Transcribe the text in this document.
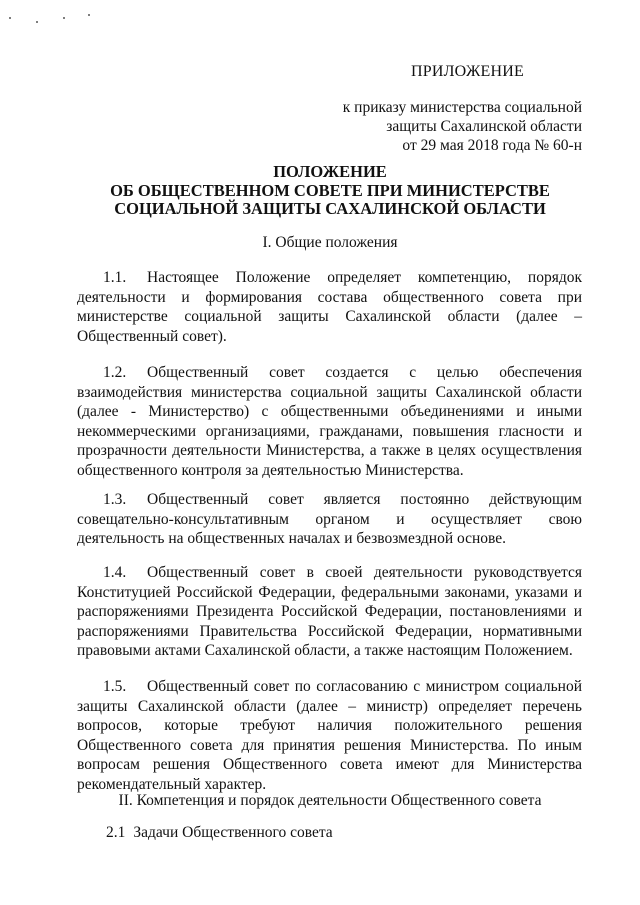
ПРИЛОЖЕНИЕ
к приказу министерства социальной
защиты Сахалинской области
от 29 мая 2018 года № 60-н
ПОЛОЖЕНИЕ
ОБ ОБЩЕСТВЕННОМ СОВЕТЕ ПРИ МИНИСТЕРСТВЕ
СОЦИАЛЬНОЙ ЗАЩИТЫ САХАЛИНСКОЙ ОБЛАСТИ
I. Общие положения
1.1. Настоящее Положение определяет компетенцию, порядок деятельности и формирования состава общественного совета при министерстве социальной защиты Сахалинской области (далее – Общественный совет).
1.2. Общественный совет создается с целью обеспечения взаимодействия министерства социальной защиты Сахалинской области (далее - Министерство) с общественными объединениями и иными некоммерческими организациями, гражданами, повышения гласности и прозрачности деятельности Министерства, а также в целях осуществления общественного контроля за деятельностью Министерства.
1.3. Общественный совет является постоянно действующим совещательно-консультативным органом и осуществляет свою деятельность на общественных началах и безвозмездной основе.
1.4. Общественный совет в своей деятельности руководствуется Конституцией Российской Федерации, федеральными законами, указами и распоряжениями Президента Российской Федерации, постановлениями и распоряжениями Правительства Российской Федерации, нормативными правовыми актами Сахалинской области, а также настоящим Положением.
1.5. Общественный совет по согласованию с министром социальной защиты Сахалинской области (далее – министр) определяет перечень вопросов, которые требуют наличия положительного решения Общественного совета для принятия решения Министерства. По иным вопросам решения Общественного совета имеют для Министерства рекомендательный характер.
II. Компетенция и порядок деятельности Общественного совета
2.1 Задачи Общественного совета
